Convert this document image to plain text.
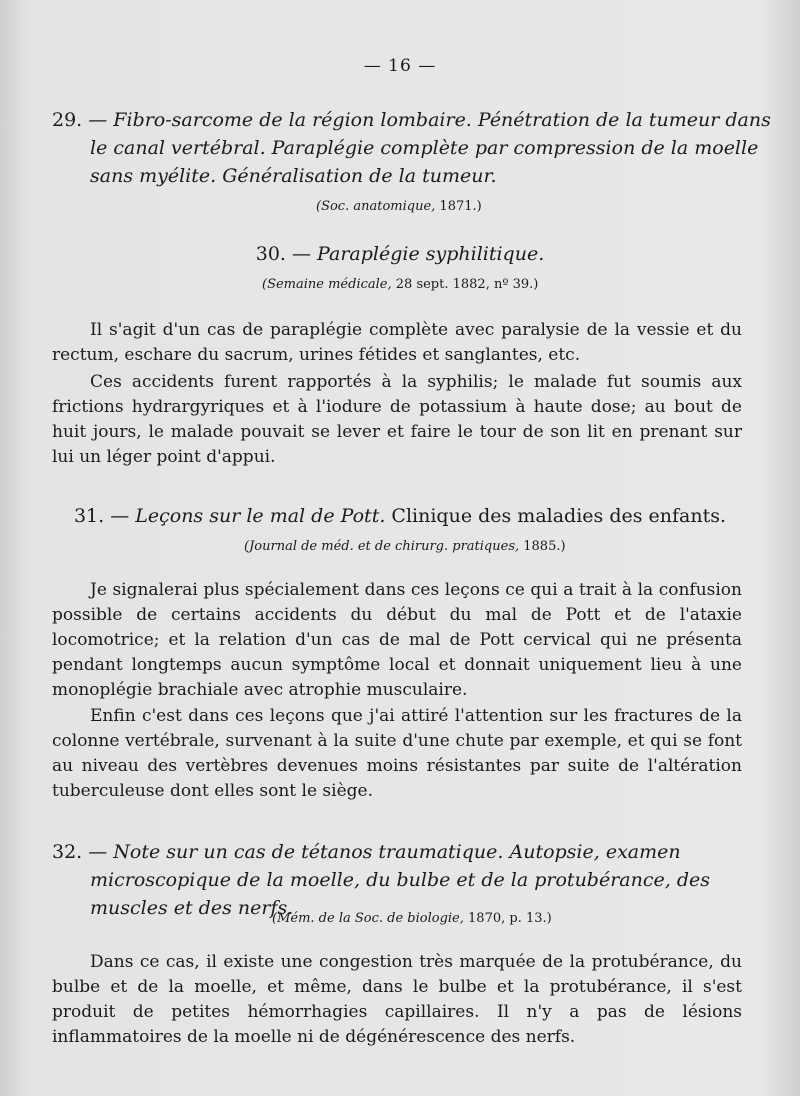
— 16 —
29. — Fibro-sarcome de la région lombaire. Pénétration de la tumeur dans le canal vertébral. Paraplégie complète par compression de la moelle sans myélite. Généralisation de la tumeur.
(Soc. anatomique, 1871.)
30. — Paraplégie syphilitique.
(Semaine médicale, 28 sept. 1882, nº 39.)
Il s'agit d'un cas de paraplégie complète avec paralysie de la vessie et du rectum, eschare du sacrum, urines fétides et sanglantes, etc.
Ces accidents furent rapportés à la syphilis; le malade fut soumis aux frictions hydrargyriques et à l'iodure de potassium à haute dose; au bout de huit jours, le malade pouvait se lever et faire le tour de son lit en prenant sur lui un léger point d'appui.
31. — Leçons sur le mal de Pott. Clinique des maladies des enfants.
(Journal de méd. et de chirurg. pratiques, 1885.)
Je signalerai plus spécialement dans ces leçons ce qui a trait à la confusion possible de certains accidents du début du mal de Pott et de l'ataxie locomotrice; et la relation d'un cas de mal de Pott cervical qui ne présenta pendant longtemps aucun symptôme local et donnait uniquement lieu à une monoplégie brachiale avec atrophie musculaire.
Enfin c'est dans ces leçons que j'ai attiré l'attention sur les fractures de la colonne vertébrale, survenant à la suite d'une chute par exemple, et qui se font au niveau des vertèbres devenues moins résistantes par suite de l'altération tuberculeuse dont elles sont le siège.
32. — Note sur un cas de tétanos traumatique. Autopsie, examen microscopique de la moelle, du bulbe et de la protubérance, des muscles et des nerfs.
(Mém. de la Soc. de biologie, 1870, p. 13.)
Dans ce cas, il existe une congestion très marquée de la protubérance, du bulbe et de la moelle, et même, dans le bulbe et la protubérance, il s'est produit de petites hémorrhagies capillaires. Il n'y a pas de lésions inflammatoires de la moelle ni de dégénérescence des nerfs.
